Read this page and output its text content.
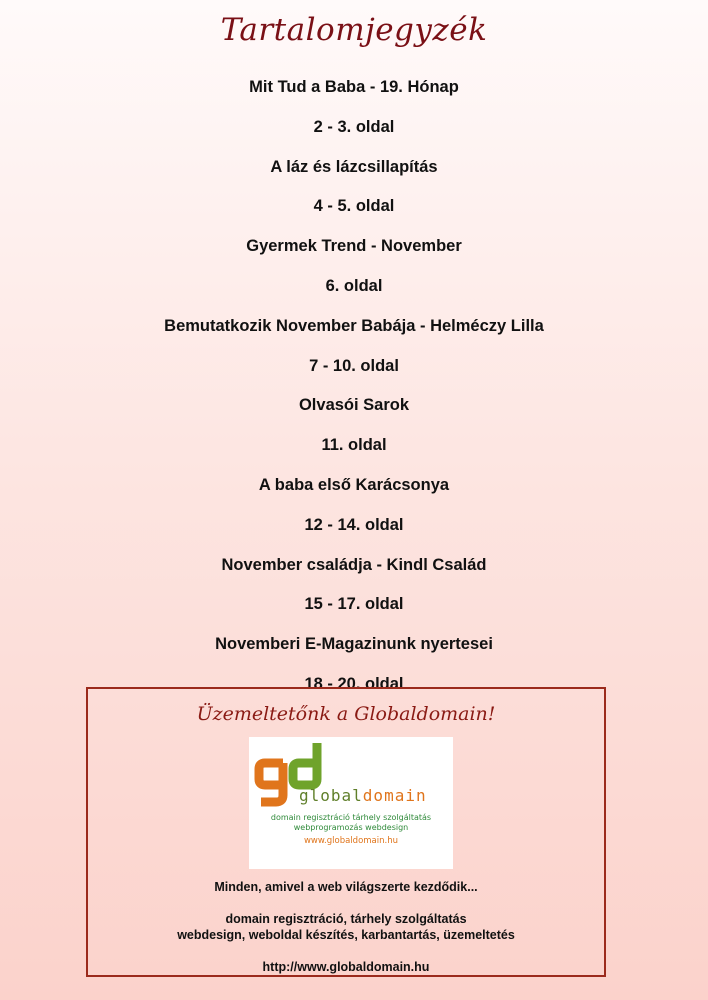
Tartalomjegyzék
Mit Tud a Baba - 19. Hónap
2 - 3. oldal
A láz és lázcsillapítás
4 - 5. oldal
Gyermek Trend - November
6. oldal
Bemutatkozik November Babája - Helméczy Lilla
7 - 10. oldal
Olvasói Sarok
11. oldal
A baba első Karácsonya
12 - 14. oldal
November családja - Kindl Család
15 - 17. oldal
Novemberi E-Magazinunk nyertesei
18 - 20. oldal
Üzemeltetőnk a Globaldomain!
globaldomain
domain regisztráció tárhely szolgáltatás
webprogramozás webdesign
www.globaldomain.hu
Minden, amivel a web világszerte kezdődik...
domain regisztráció, tárhely szolgáltatás
webdesign, weboldal készítés, karbantartás, üzemeltetés
http://www.globaldomain.hu
